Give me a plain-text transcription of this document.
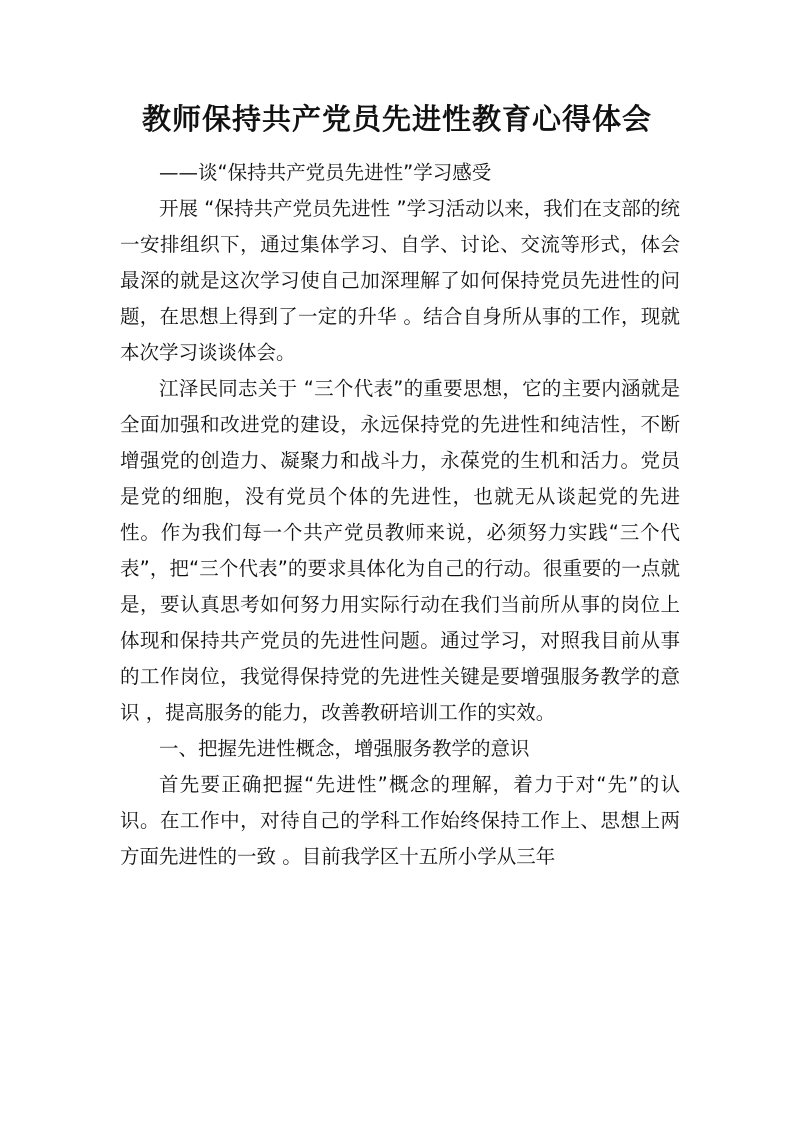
教师保持共产党员先进性教育心得体会

——谈“保持共产党员先进性”学习感受

开展 “保持共产党员先进性 ”学习活动以来，我们在支部的统一安排组织下，通过集体学习、自学、讨论、交流等形式，体会最深的就是这次学习使自己加深理解了如何保持党员先进性的问题，在思想上得到了一定的升华 。结合自身所从事的工作，现就本次学习谈谈体会。

江泽民同志关于 “三个代表”的重要思想，它的主要内涵就是全面加强和改进党的建设，永远保持党的先进性和纯洁性，不断增强党的创造力、凝聚力和战斗力，永葆党的生机和活力。党员是党的细胞，没有党员个体的先进性，也就无从谈起党的先进性。作为我们每一个共产党员教师来说，必须努力实践“三个代表”，把“三个代表”的要求具体化为自己的行动。很重要的一点就是，要认真思考如何努力用实际行动在我们当前所从事的岗位上体现和保持共产党员的先进性问题。通过学习，对照我目前从事的工作岗位，我觉得保持党的先进性关键是要增强服务教学的意识 ，提高服务的能力，改善教研培训工作的实效。

一、把握先进性概念，增强服务教学的意识

首先要正确把握“先进性”概念的理解，着力于对“先”的认识。在工作中，对待自己的学科工作始终保持工作上、思想上两方面先进性的一致 。目前我学区十五所小学从三年
